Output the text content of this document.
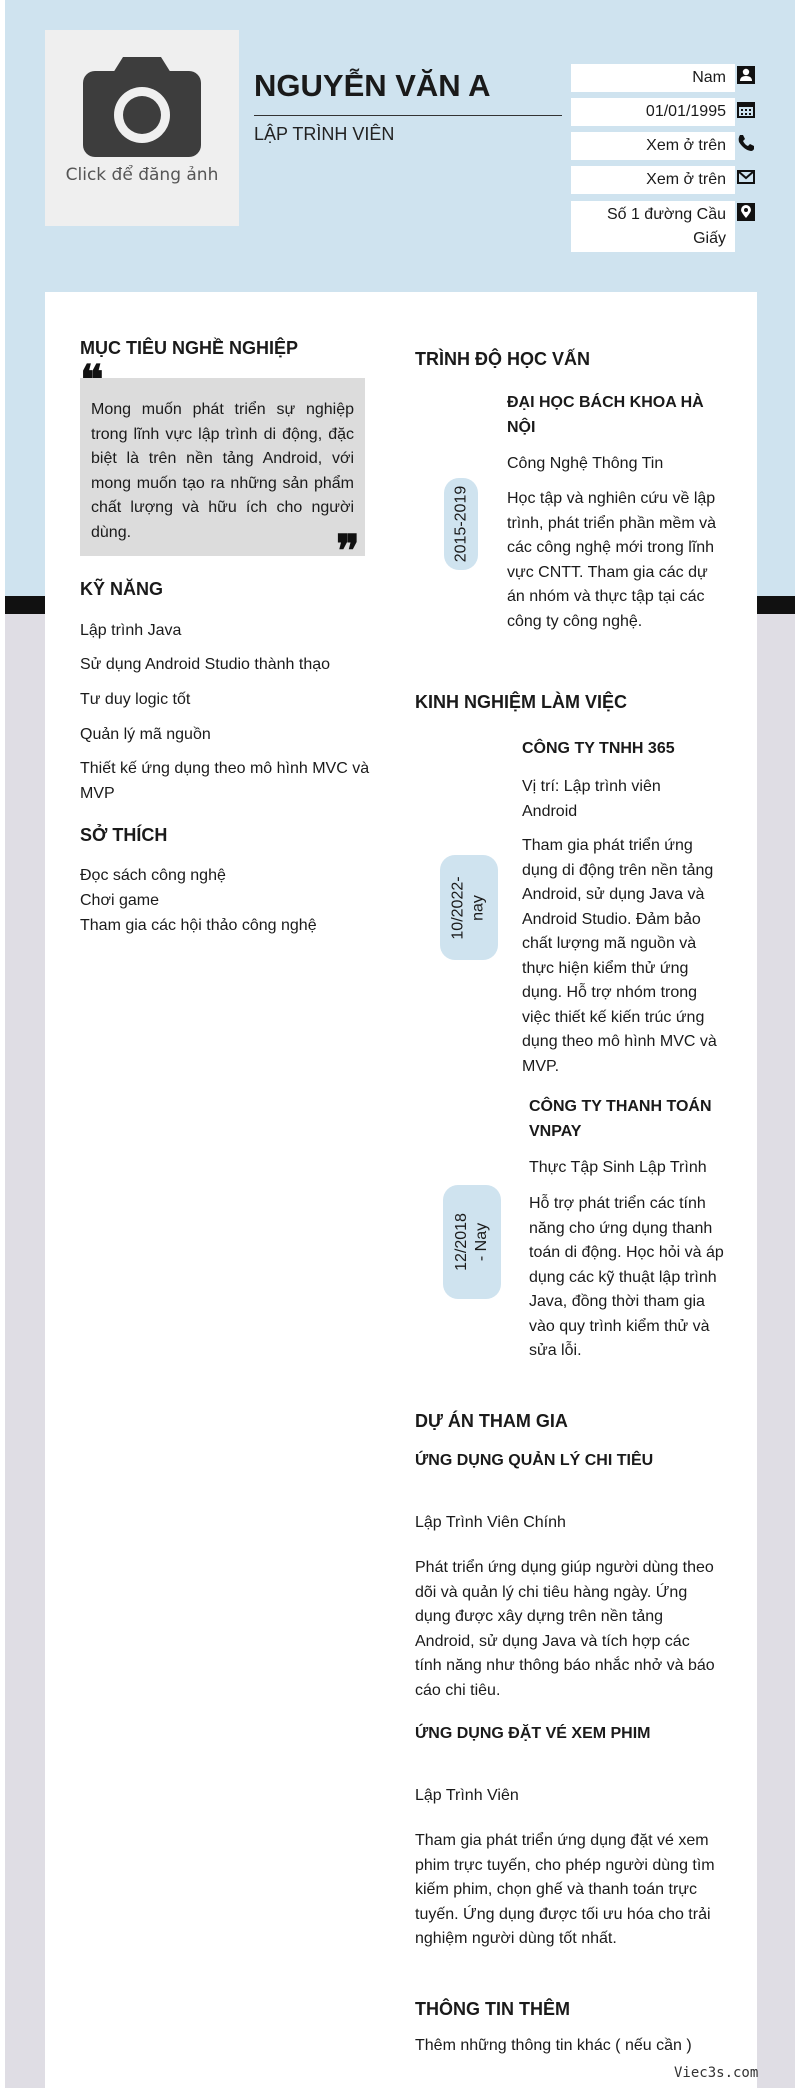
Click để đăng ảnh
NGUYỄN VĂN A
LẬP TRÌNH VIÊN
Nam
01/01/1995
Xem ở trên
Xem ở trên
Số 1 đường Cầu Giấy
MỤC TIÊU NGHỀ NGHIỆP
Mong muốn phát triển sự nghiệp trong lĩnh vực lập trình di động, đặc biệt là trên nền tảng Android, với mong muốn tạo ra những sản phẩm chất lượng và hữu ích cho người dùng.	❞
KỸ NĂNG
Lập trình Java
Sử dụng Android Studio thành thạo
Tư duy logic tốt
Quản lý mã nguồn
Thiết kế ứng dụng theo mô hình MVC và MVP
SỞ THÍCH
Đọc sách công nghệ
Chơi game
Tham gia các hội thảo công nghệ
TRÌNH ĐỘ HỌC VẤN
2015-2019
ĐẠI HỌC BÁCH KHOA HÀ NỘI
Công Nghệ Thông Tin
Học tập và nghiên cứu về lập trình, phát triển phần mềm và các công nghệ mới trong lĩnh vực CNTT. Tham gia các dự án nhóm và thực tập tại các công ty công nghệ.
KINH NGHIỆM LÀM VIỆC
10/2022- nay
CÔNG TY TNHH 365
Vị trí: Lập trình viên Android
Tham gia phát triển ứng dụng di động trên nền tảng Android, sử dụng Java và Android Studio. Đảm bảo chất lượng mã nguồn và thực hiện kiểm thử ứng dụng. Hỗ trợ nhóm trong việc thiết kế kiến trúc ứng dụng theo mô hình MVC và MVP.
12/2018 - Nay
CÔNG TY THANH TOÁN VNPAY
Thực Tập Sinh Lập Trình
Hỗ trợ phát triển các tính năng cho ứng dụng thanh toán di động. Học hỏi và áp dụng các kỹ thuật lập trình Java, đồng thời tham gia vào quy trình kiểm thử và sửa lỗi.
DỰ ÁN THAM GIA
ỨNG DỤNG QUẢN LÝ CHI TIÊU
Lập Trình Viên Chính
Phát triển ứng dụng giúp người dùng theo dõi và quản lý chi tiêu hàng ngày. Ứng dụng được xây dựng trên nền tảng Android, sử dụng Java và tích hợp các tính năng như thông báo nhắc nhở và báo cáo chi tiêu.
ỨNG DỤNG ĐẶT VÉ XEM PHIM
Lập Trình Viên
Tham gia phát triển ứng dụng đặt vé xem phim trực tuyến, cho phép người dùng tìm kiếm phim, chọn ghế và thanh toán trực tuyến. Ứng dụng được tối ưu hóa cho trải nghiệm người dùng tốt nhất.
THÔNG TIN THÊM
Thêm những thông tin khác ( nếu cần )
Viec3s.com
